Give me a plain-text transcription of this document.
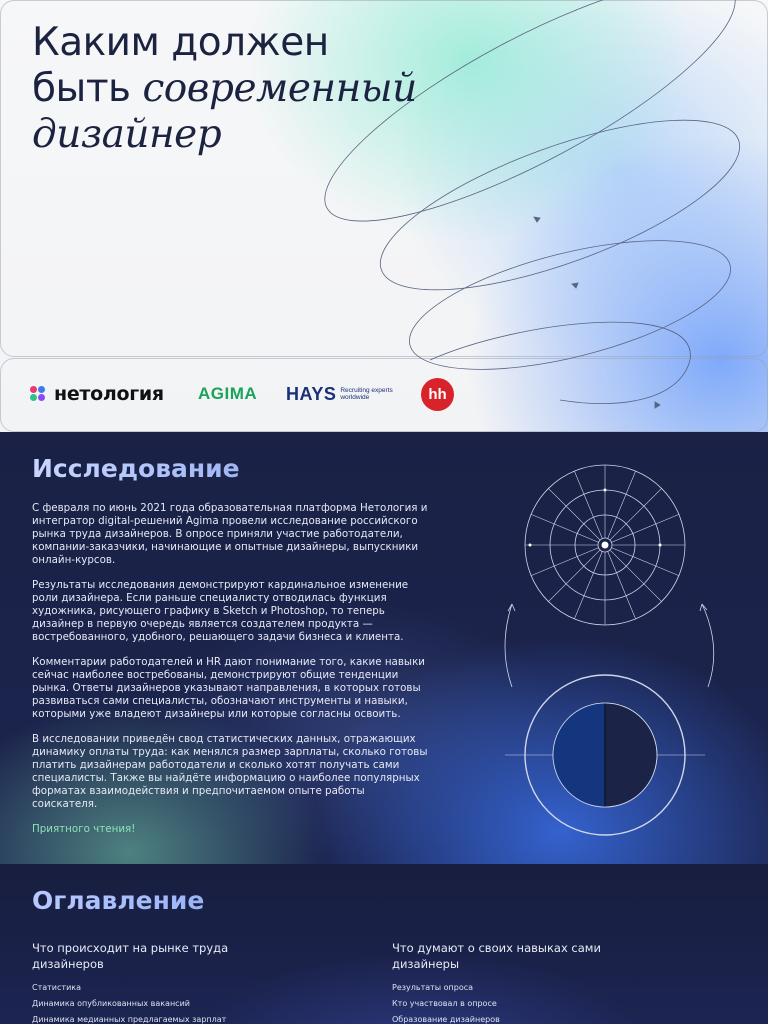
Каким должен
быть современный
дизайнер
нетология AGIMA HAYS Recruiting experts
worldwide	hh
Исследование

С февраля по июнь 2021 года образовательная платформа Нетология и интегратор digital-решений Agima провели исследование российского рынка труда дизайнеров. В опросе приняли участие работодатели, компании-заказчики, начинающие и опытные дизайнеры, выпускники онлайн-курсов.

Результаты исследования демонстрируют кардинальное изменение роли дизайнера. Если раньше специалисту отводилась функция художника, рисующего графику в Sketch и Photoshop, то теперь дизайнер в первую очередь является создателем продукта — востребованного, удобного, решающего задачи бизнеса и клиента.

Комментарии работодателей и HR дают понимание того, какие навыки сейчас наиболее востребованы, демонстрируют общие тенденции рынка. Ответы дизайнеров указывают направления, в которых готовы развиваться сами специалисты, обозначают инструменты и навыки, которыми уже владеют дизайнеры или которые согласны освоить.

В исследовании приведён свод статистических данных, отражающих динамику оплаты труда: как менялся размер зарплаты, сколько готовы платить дизайнерам работодатели и сколько хотят получать сами специалисты. Также вы найдёте информацию о наиболее популярных форматах взаимодействия и предпочитаемом опыте работы соискателя.

Приятного чтения!

Оглавление
Что происходит на рынке труда дизайнеров
Статистика
Динамика опубликованных вакансий
Динамика медианных предлагаемых зарплат
Что думают о своих навыках сами дизайнеры
Результаты опроса
Кто участвовал в опросе
Образование дизайнеров
